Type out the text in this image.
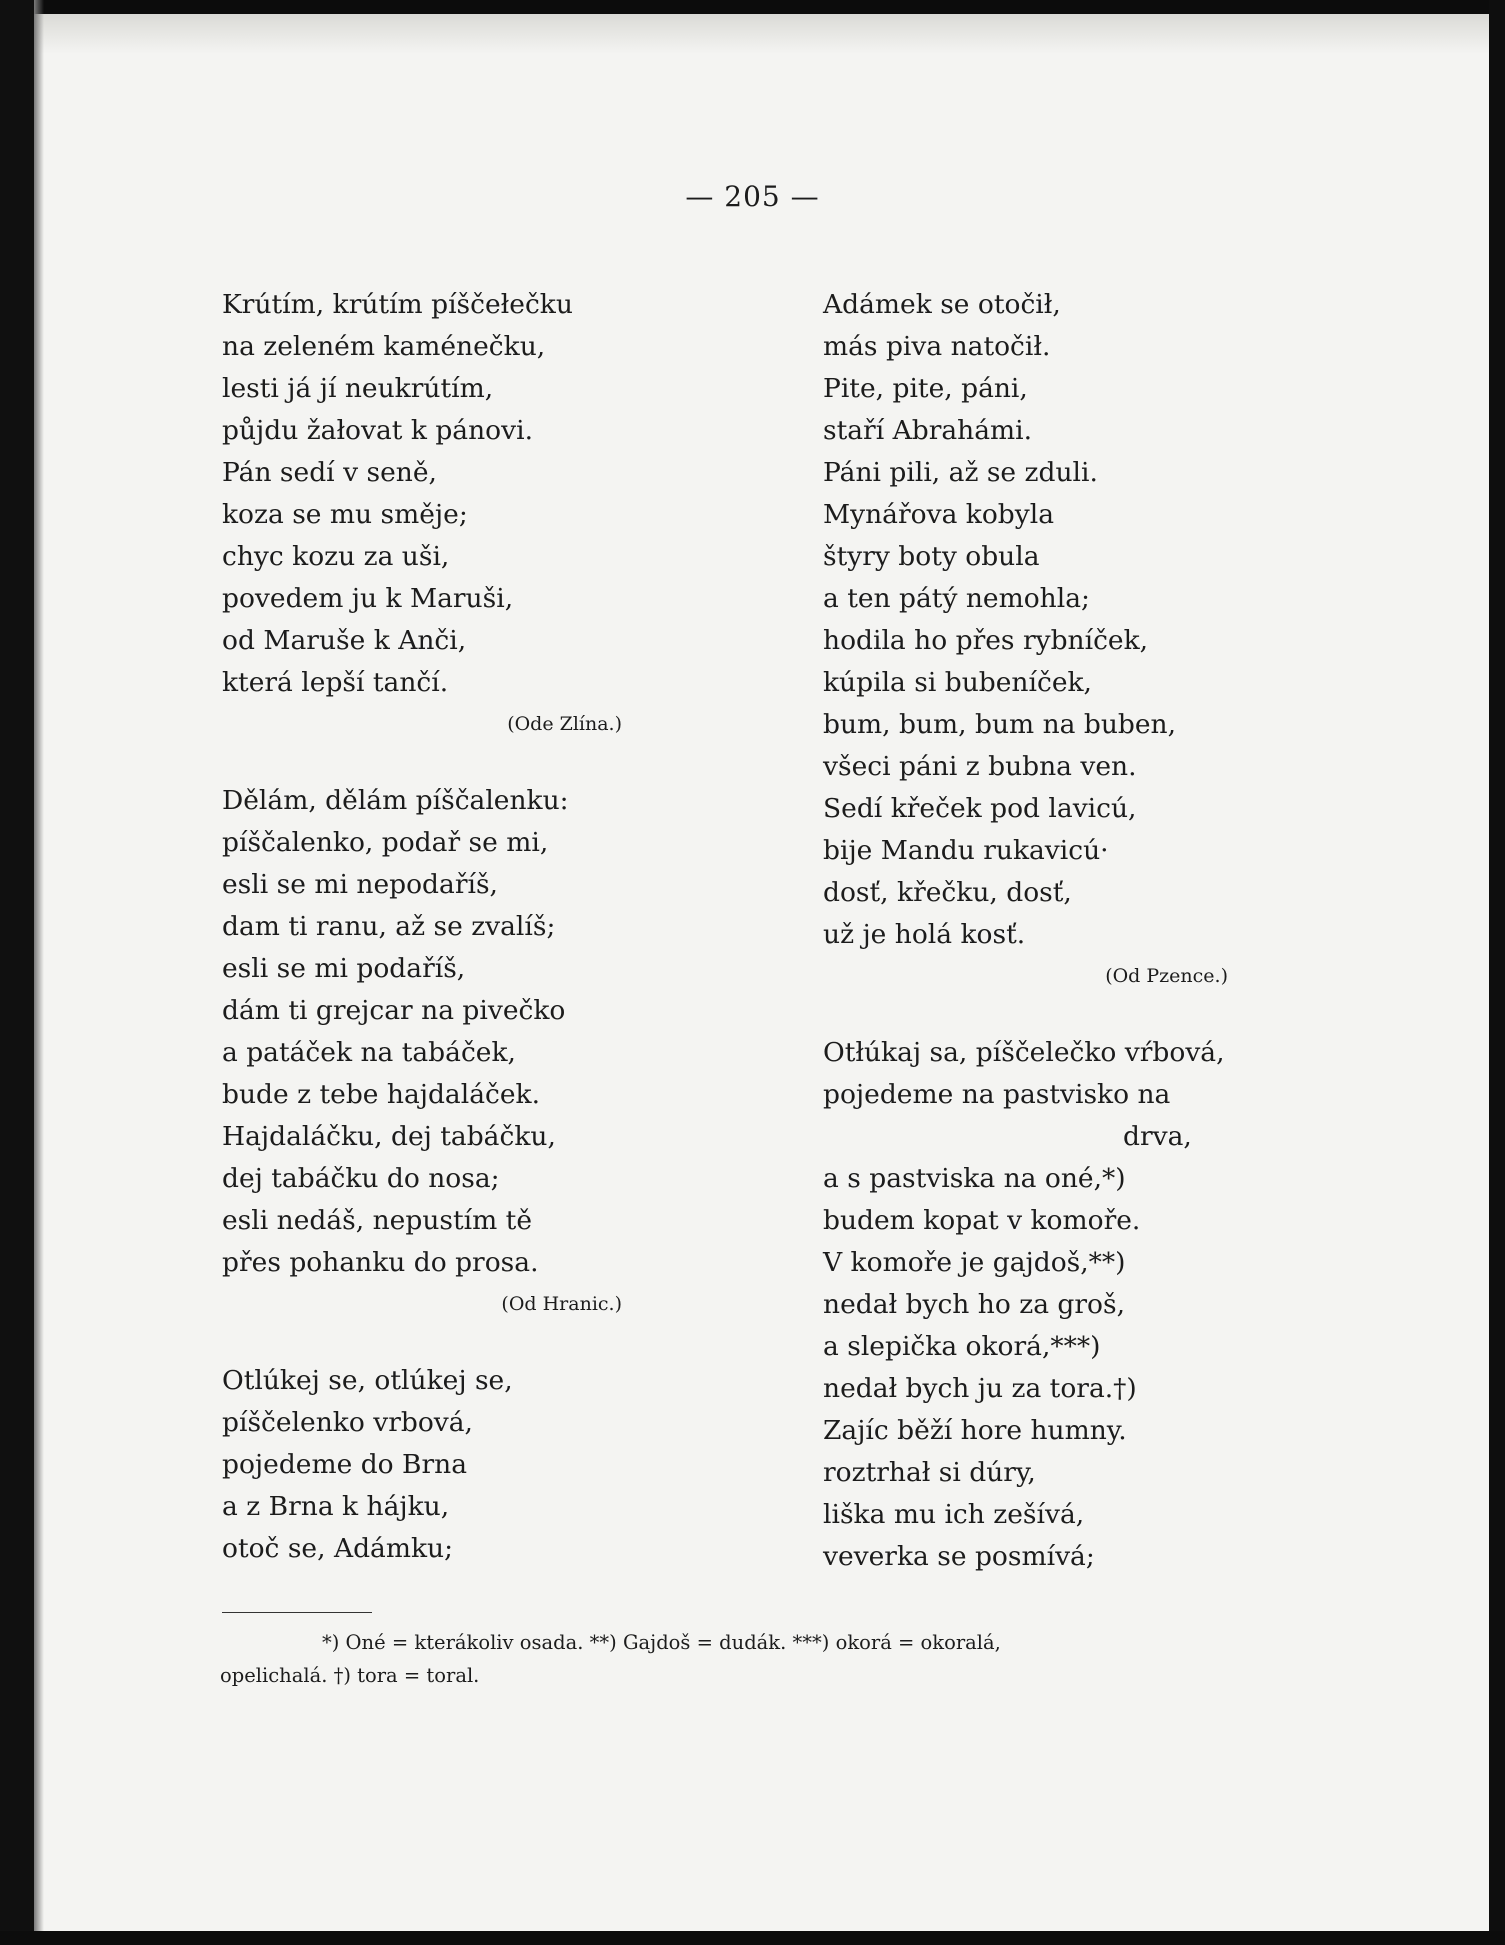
— 205 —
Krútím, krútím píščełečku
na zeleném kaménečku,
lesti já jí neukrútím,
půjdu žałovat k pánovi.
Pán sedí v seně,
koza se mu směje;
chyc kozu za uši,
povedem ju k Maruši,
od Maruše k Anči,
která lepší tančí.
(Ode Zlína.)
Dělám, dělám píščalenku:
píščalenko, podař se mi,
esli se mi nepodaříš,
dam ti ranu, až se zvalíš;
esli se mi podaříš,
dám ti grejcar na pivečko
a patáček na tabáček,
bude z tebe hajdaláček.
Hajdaláčku, dej tabáčku,
dej tabáčku do nosa;
esli nedáš, nepustím tě
přes pohanku do prosa.
(Od Hranic.)
Otlúkej se, otlúkej se,
píščelenko vrbová,
pojedeme do Brna
a z Brna k hájku,
otoč se, Adámku;
Adámek se otočił,
más piva natočił.
Pite, pite, páni,
staří Abrahámi.
Páni pili, až se zduli.
Mynářova kobyla
štyry boty obula
a ten pátý nemohla;
hodila ho přes rybníček,
kúpila si bubeníček,
bum, bum, bum na buben,
všeci páni z bubna ven.
Sedí křeček pod lavicú,
bije Mandu rukavicú·
dosť, křečku, dosť,
už je holá kosť.
(Od Pzence.)
Otłúkaj sa, píščelečko vŕbová,
pojedeme na pastvisko na
drva,
a s pastviska na oné,*)
budem kopat v komoře.
V komoře je gajdoš,**)
nedał bych ho za groš,
a slepička okorá,***)
nedał bych ju za tora.†)
Zajíc běží hore humny.
roztrhał si dúry,
liška mu ich zešívá,
veverka se posmívá;
*) Oné = kterákoliv osada. **) Gajdoš = dudák. ***) okorá = okoralá,
opelichalá. †) tora = toral.
